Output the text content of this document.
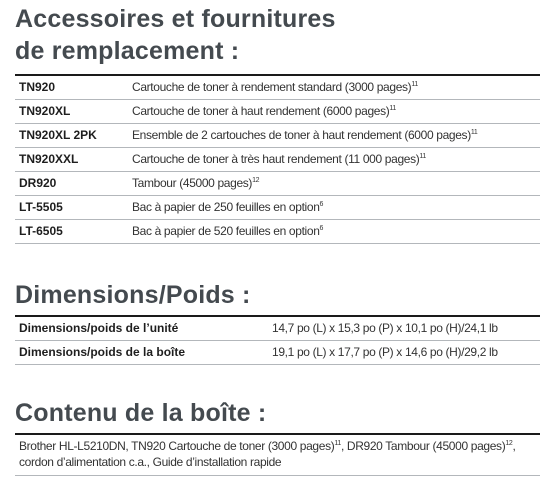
Accessoires et fournitures
de remplacement :
TN920	Cartouche de toner à rendement standard (3000 pages)$^{11}$
TN920XL	Cartouche de toner à haut rendement (6000 pages)$^{11}$
TN920XL 2PK	Ensemble de 2 cartouches de toner à haut rendement (6000 pages)$^{11}$
TN920XXL	Cartouche de toner à très haut rendement (11 000 pages)$^{11}$
DR920	Tambour (45000 pages)$^{12}$
LT-5505	Bac à papier de 250 feuilles en option$^6$
LT-6505	Bac à papier de 520 feuilles en option$^6$
Dimensions/Poids :
Dimensions/poids de l’unité	14,7 po (L) x 15,3 po (P) x 10,1 po (H)/24,1 lb
Dimensions/poids de la boîte	19,1 po (L) x 17,7 po (P) x 14,6 po (H)/29,2 lb
Contenu de la boîte :
Brother HL-L5210DN, TN920 Cartouche de toner (3000 pages)$^{11}$, DR920 Tambour (45000 pages)$^{12}$, cordon d’alimentation c.a., Guide d’installation rapide
